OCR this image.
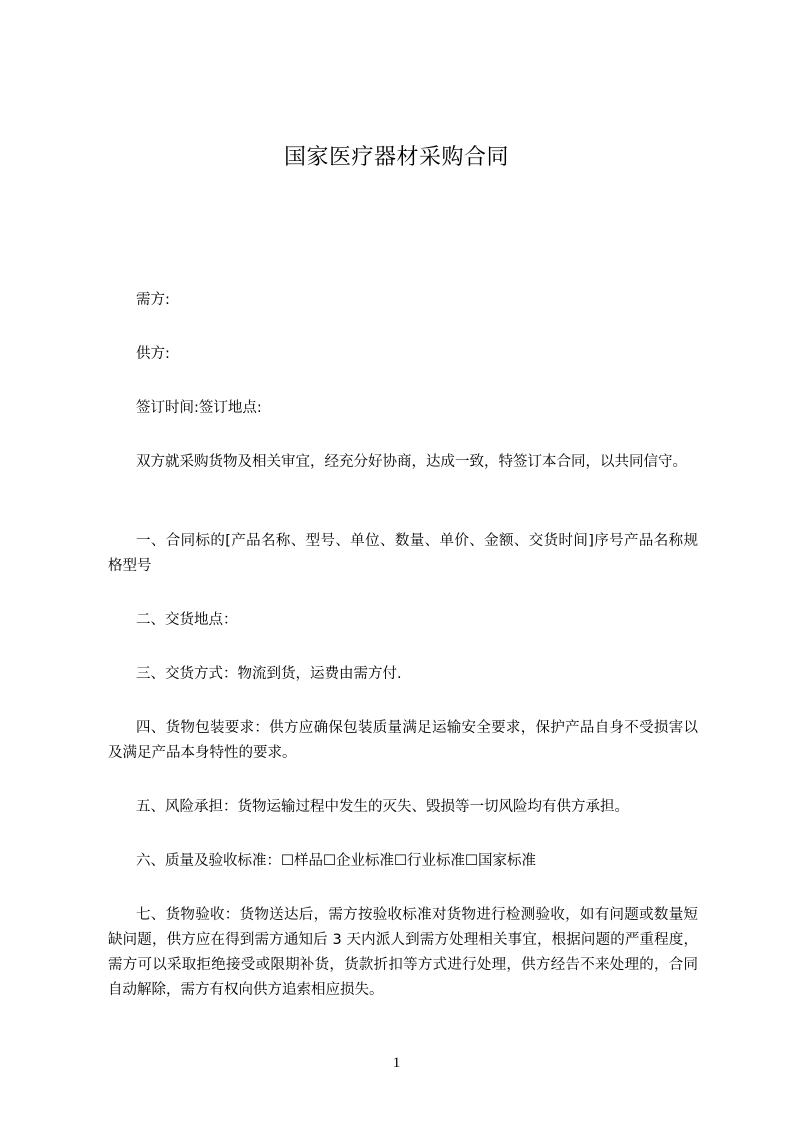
国家医疗器材采购合同

需方:

供方:

签订时间:签订地点:

双方就采购货物及相关审宜，经充分好协商，达成一致，特签订本合同，以共同信守。

一、合同标的[产品名称、型号、单位、数量、单价、金额、交货时间]序号产品名称规格型号

二、交货地点：

三、交货方式：物流到货，运费由需方付.

四、货物包装要求：供方应确保包装质量满足运输安全要求，保护产品自身不受损害以及满足产品本身特性的要求。

五、风险承担：货物运输过程中发生的灭失、毁损等一切风险均有供方承担。

六、质量及验收标准：☐样品☐企业标准☐行业标准☐国家标准

七、货物验收：货物送达后，需方按验收标准对货物进行检测验收，如有问题或数量短缺问题，供方应在得到需方通知后 3 天内派人到需方处理相关事宜，根据问题的严重程度，需方可以采取拒绝接受或限期补货，货款折扣等方式进行处理，供方经告不来处理的，合同自动解除，需方有权向供方追索相应损失。

1
